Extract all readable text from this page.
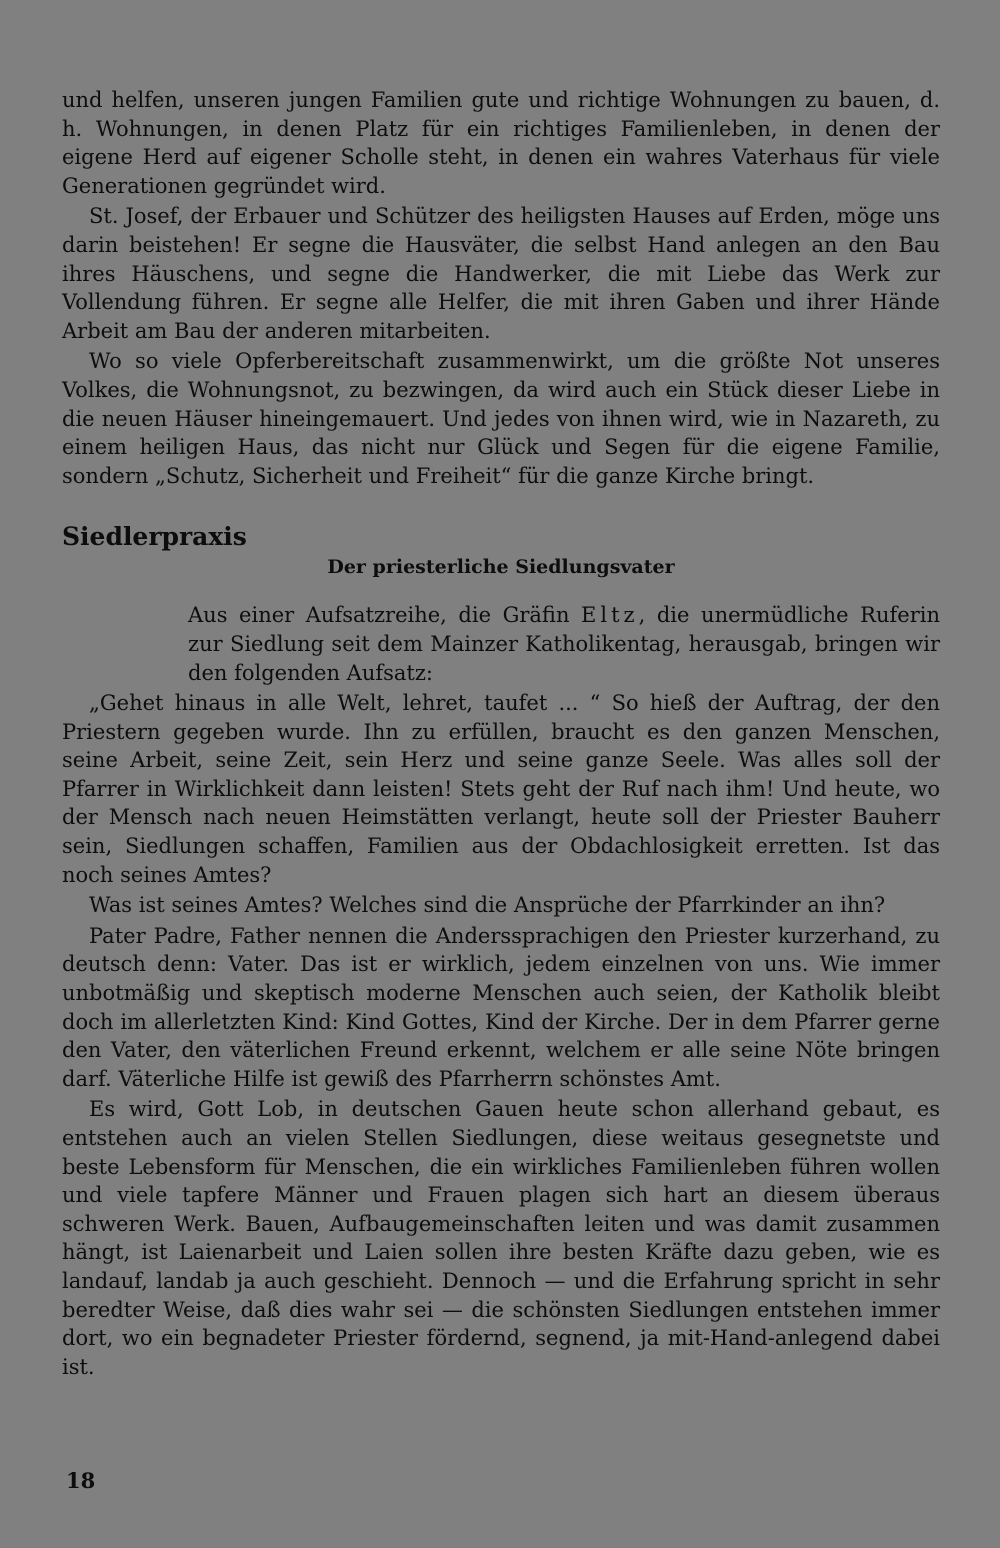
und helfen, unseren jungen Familien gute und richtige Wohnungen zu bauen, d. h. Wohnungen, in denen Platz für ein richtiges Familienleben, in denen der eigene Herd auf eigener Scholle steht, in denen ein wahres Vaterhaus für viele Generationen gegründet wird.

St. Josef, der Erbauer und Schützer des heiligsten Hauses auf Erden, möge uns darin beistehen! Er segne die Hausväter, die selbst Hand anlegen an den Bau ihres Häuschens, und segne die Handwerker, die mit Liebe das Werk zur Vollendung führen. Er segne alle Helfer, die mit ihren Gaben und ihrer Hände Arbeit am Bau der anderen mitarbeiten.

Wo so viele Opferbereitschaft zusammenwirkt, um die größte Not unseres Volkes, die Wohnungsnot, zu bezwingen, da wird auch ein Stück dieser Liebe in die neuen Häuser hineingemauert. Und jedes von ihnen wird, wie in Nazareth, zu einem heiligen Haus, das nicht nur Glück und Segen für die eigene Familie, sondern „Schutz, Sicherheit und Freiheit“ für die ganze Kirche bringt.

Siedlerpraxis
Der priesterliche Siedlungsvater

Aus einer Aufsatzreihe, die Gräfin Eltz, die unermüdliche Ruferin zur Siedlung seit dem Mainzer Katholikentag, herausgab, bringen wir den folgenden Aufsatz:

„Gehet hinaus in alle Welt, lehret, taufet ... “ So hieß der Auftrag, der den Priestern gegeben wurde. Ihn zu erfüllen, braucht es den ganzen Menschen, seine Arbeit, seine Zeit, sein Herz und seine ganze Seele. Was alles soll der Pfarrer in Wirklichkeit dann leisten! Stets geht der Ruf nach ihm! Und heute, wo der Mensch nach neuen Heimstätten verlangt, heute soll der Priester Bauherr sein, Siedlungen schaffen, Familien aus der Obdachlosigkeit erretten. Ist das noch seines Amtes?

Was ist seines Amtes? Welches sind die Ansprüche der Pfarrkinder an ihn?

Pater Padre, Father nennen die Anderssprachigen den Priester kurzerhand, zu deutsch denn: Vater. Das ist er wirklich, jedem einzelnen von uns. Wie immer unbotmäßig und skeptisch moderne Menschen auch seien, der Katholik bleibt doch im allerletzten Kind: Kind Gottes, Kind der Kirche. Der in dem Pfarrer gerne den Vater, den väterlichen Freund erkennt, welchem er alle seine Nöte bringen darf. Väterliche Hilfe ist gewiß des Pfarrherrn schönstes Amt.

Es wird, Gott Lob, in deutschen Gauen heute schon allerhand gebaut, es entstehen auch an vielen Stellen Siedlungen, diese weitaus gesegnetste und beste Lebensform für Menschen, die ein wirkliches Familienleben führen wollen und viele tapfere Männer und Frauen plagen sich hart an diesem überaus schweren Werk. Bauen, Aufbaugemeinschaften leiten und was damit zusammen hängt, ist Laienarbeit und Laien sollen ihre besten Kräfte dazu geben, wie es landauf, landab ja auch geschieht. Dennoch — und die Erfahrung spricht in sehr beredter Weise, daß dies wahr sei — die schönsten Siedlungen entstehen immer dort, wo ein begnadeter Priester fördernd, segnend, ja mit-Hand-anlegend dabei ist.

18
